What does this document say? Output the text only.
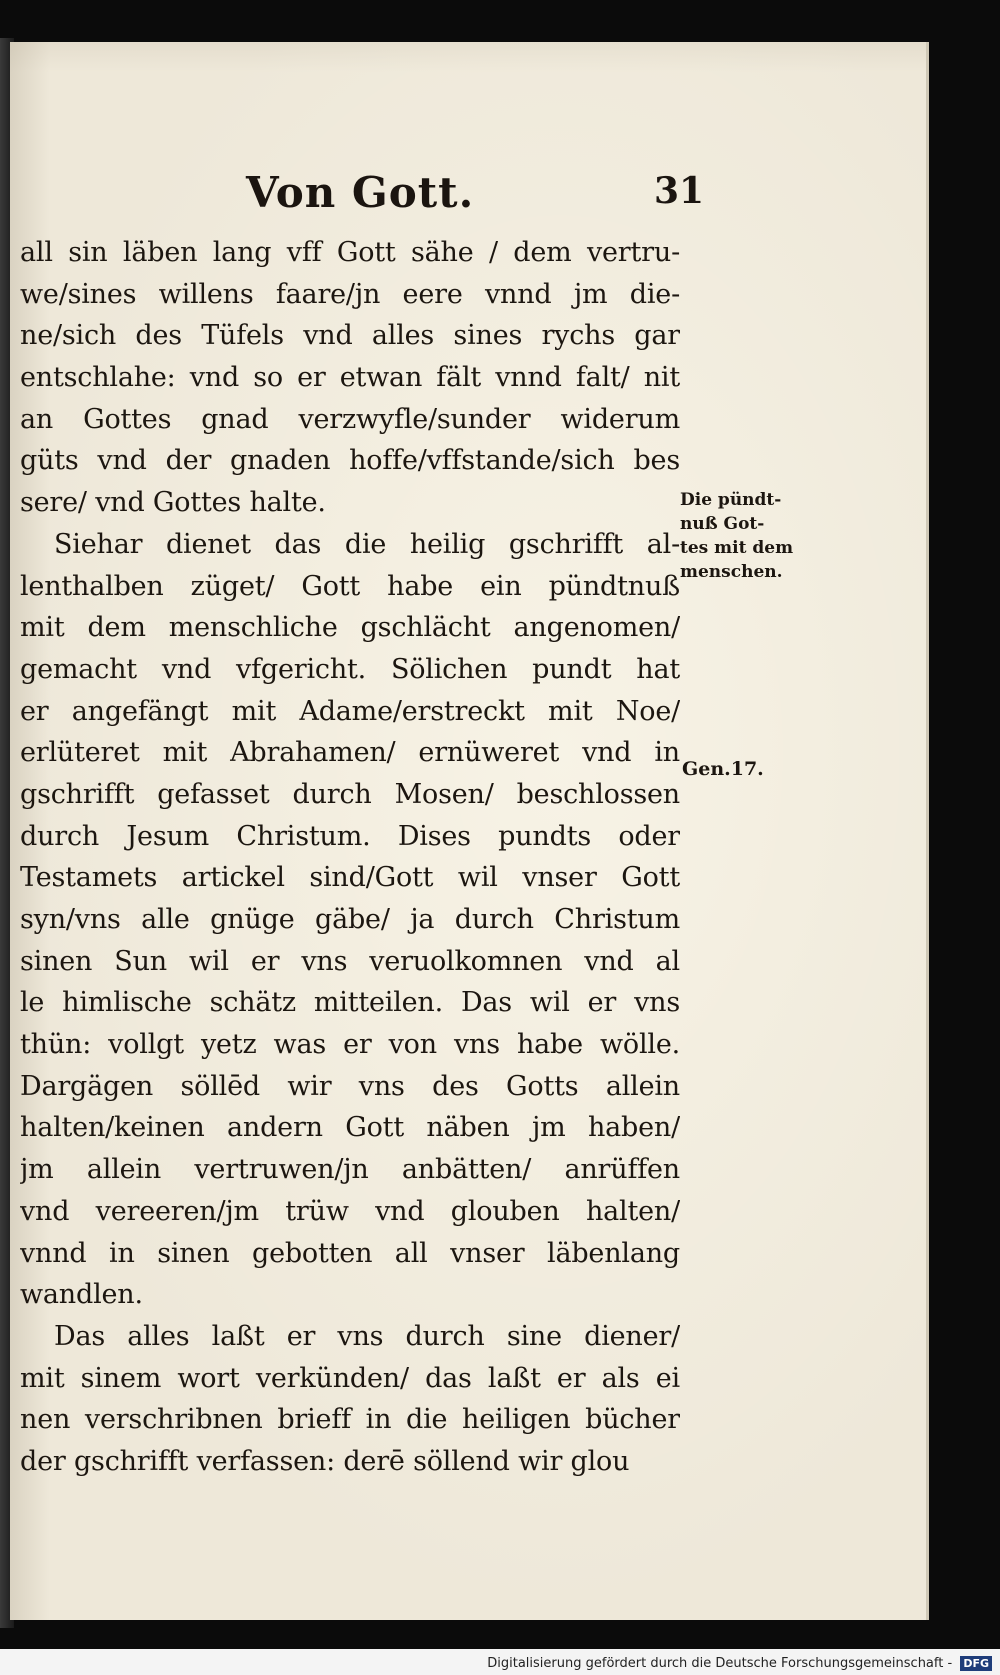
Von Gott.	31
all sin läben lang vff Gott sähe / dem vertru-
we/sines willens faare/jn eere vnnd jm die-
ne/sich des Tüfels vnd alles sines rychs gar
entschlahe: vnd so er etwan fält vnnd falt/ nit
an Gottes gnad verzwyfle/sunder widerum
güts vnd der gnaden hoffe/vffstande/sich bes
sere/ vnd Gottes halte.
Siehar dienet das die heilig gschrifft al-
lenthalben züget/ Gott habe ein pündtnuß
mit dem menschliche gschlächt angenomen/
gemacht vnd vfgericht. Sölichen pundt hat
er angefängt mit Adame/erstreckt mit Noe/
erlüteret mit Abrahamen/ ernüweret vnd in
gschrifft gefasset durch Mosen/ beschlossen
durch Jesum Christum. Dises pundts oder
Testamets artickel sind/Gott wil vnser Gott
syn/vns alle gnüge gäbe/ ja durch Christum
sinen Sun wil er vns veruolkomnen vnd al
le himlische schätz mitteilen. Das wil er vns
thün: vollgt yetz was er von vns habe wölle.
Dargägen söllēd wir vns des Gotts allein
halten/keinen andern Gott näben jm haben/
jm allein vertruwen/jn anbätten/ anrüffen
vnd vereeren/jm trüw vnd glouben halten/
vnnd in sinen gebotten all vnser läbenlang
wandlen.
Das alles laßt er vns durch sine diener/
mit sinem wort verkünden/ das laßt er als ei
nen verschribnen brieff in die heiligen bücher
der gschrifft verfassen: derē söllend wir glou
Die pündt-
nuß Got-
tes mit dem
menschen.
Gen.17.
Digitalisierung gefördert durch die Deutsche Forschungsgemeinschaft - DFG
